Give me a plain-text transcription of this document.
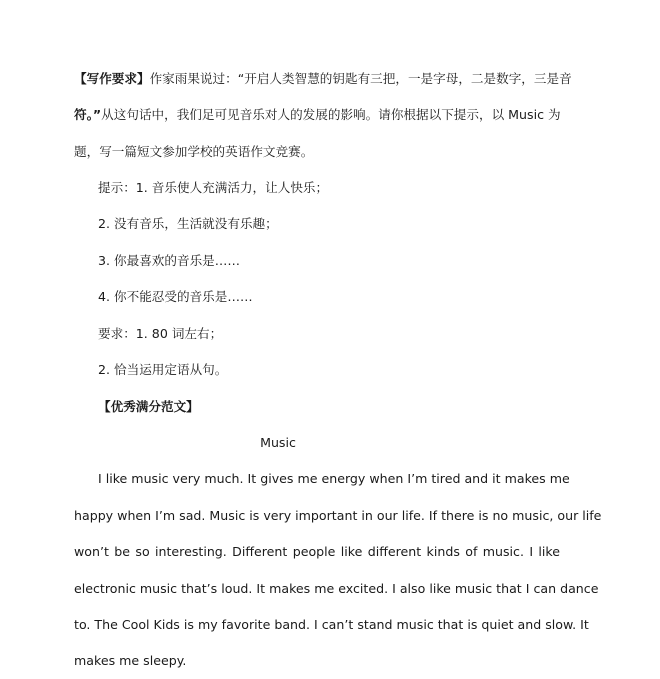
【写作要求】作家雨果说过：“开启人类智慧的钥匙有三把，一是字母，二是数字，三是音
符。”从这句话中，我们足可见音乐对人的发展的影响。请你根据以下提示，以 Music 为
题，写一篇短文参加学校的英语作文竞赛。
提示：1. 音乐使人充满活力，让人快乐；
2. 没有音乐，生活就没有乐趣；
3. 你最喜欢的音乐是……
4. 你不能忍受的音乐是……
要求：1. 80 词左右；
2. 恰当运用定语从句。
【优秀满分范文】
Music
I like music very much. It gives me energy when I’m tired and it makes me
happy when I’m sad. Music is very important in our life. If there is no music, our life
won’t be so interesting. Different people like different kinds of music. I like
electronic music that’s loud. It makes me excited. I also like music that I can dance
to. The Cool Kids is my favorite band. I can’t stand music that is quiet and slow. It
makes me sleepy.
